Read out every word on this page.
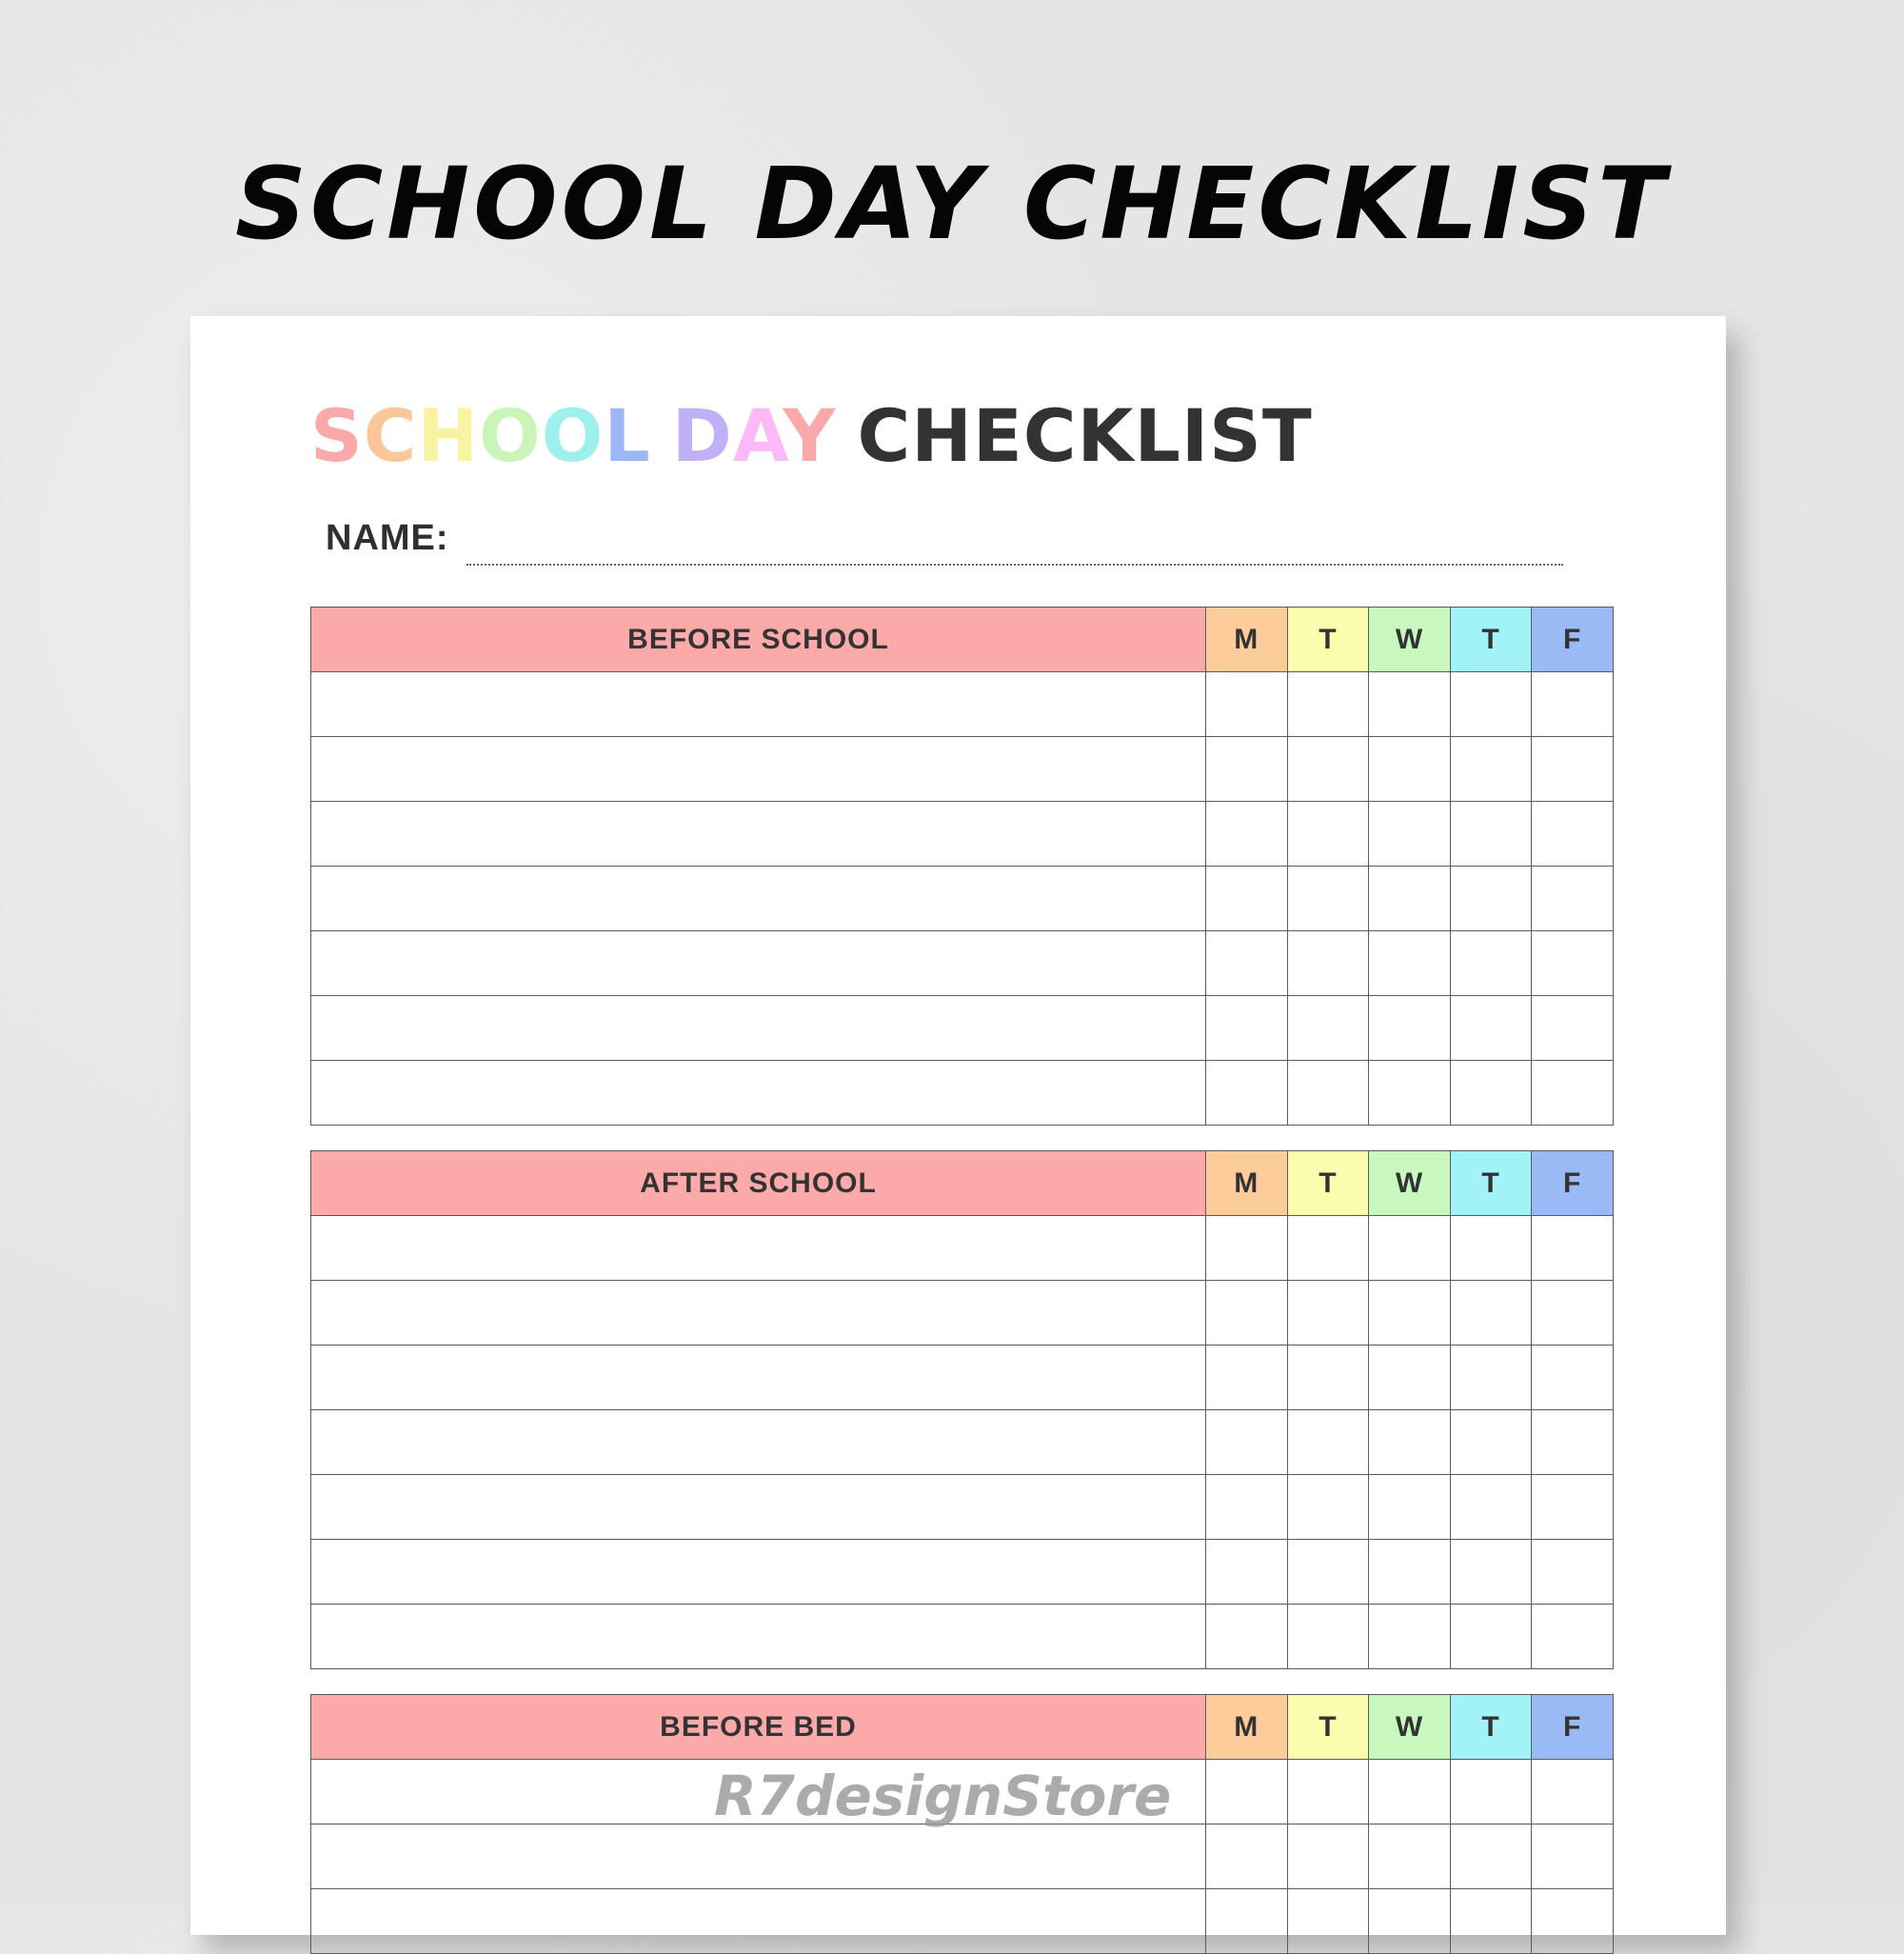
SCHOOL DAY CHECKLIST
SCHOOL DAY CHECKLIST
NAME:
BEFORE SCHOOL	M	T	W	T	F

AFTER SCHOOL	M	T	W	T	F

BEFORE BED	M	T	W	T	F

R7designStore
